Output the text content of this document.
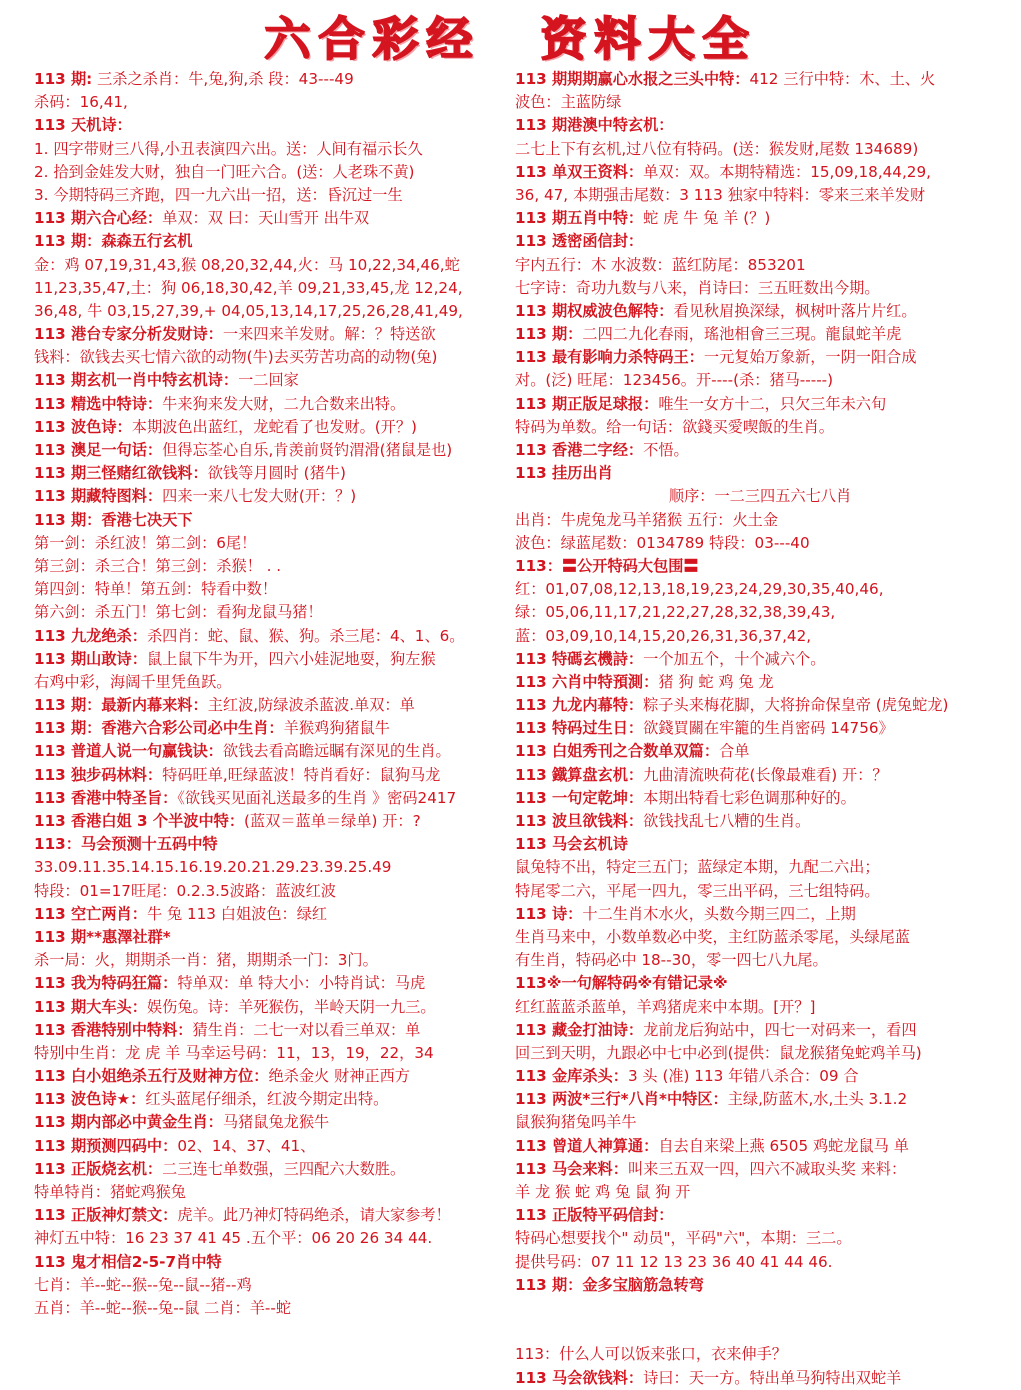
六合彩经 资料大全
113 期: 三杀之杀肖：牛,兔,狗,杀 段：43---49
杀码：16,41,
113 天机诗：
1. 四字带财三八得,小丑表演四六出。送：人间有福示长久
2. 拾到金娃发大财，独自一门旺六合。(送：人老珠不黄)
3. 今期特码三齐跑，四一九六出一招，送：昏沉过一生
113 期六合心经：单双：双 曰：天山雪开 出牛双
113 期：森森五行玄机
金：鸡 07,19,31,43,猴 08,20,32,44,火：马 10,22,34,46,蛇
11,23,35,47,土：狗 06,18,30,42,羊 09,21,33,45,龙 12,24,
36,48, 牛 03,15,27,39,+ 04,05,13,14,17,25,26,28,41,49,
113 港台专家分析发财诗：一来四来羊发财。解：？特送欲
钱料：欲钱去买七情六欲的动物(牛)去买劳苦功高的动物(兔)
113 期玄机一肖中特玄机诗：一二回家
113 精选中特诗：牛来狗来发大财，二九合数来出特。
113 波色诗：本期波色出蓝红，龙蛇看了也发财。(开？)
113 澳足一句话：但得忘荃心自乐,肯羡前贤钓渭滑(猪鼠是也)
113 期三怪赌红欲钱料：欲钱等月圆时 (猪牛)
113 期藏特图料：四来一来八七发大财(开：？)
113 期：香港七决天下
第一剑：杀红波！第二剑：6尾！
第三剑：杀三合！第三剑：杀猴！ . .
第四剑：特单！第五剑：特看中数！
第六剑：杀五门！第七剑：看狗龙鼠马猪！
113 九龙绝杀：杀四肖：蛇、鼠、猴、狗。杀三尾：4、1、6。
113 期山敢诗：鼠上鼠下牛为开，四六小娃泥地耍，狗左猴
右鸡中彩，海阔千里凭鱼跃。
113 期：最新内幕来料：主红波,防绿波杀蓝波.单双：单
113 期：香港六合彩公司必中生肖：羊猴鸡狗猪鼠牛
113 普道人说一句赢钱诀：欲钱去看高瞻远瞩有深见的生肖。
113 独步码林料：特码旺单,旺绿蓝波！特肖看好：鼠狗马龙
113 香港中特圣旨：《欲钱买见面礼送最多的生肖 》密码2417
113 香港白姐 3 个半波中特：(蓝双＝蓝单＝绿单) 开：?
113：马会预测十五码中特
33.09.11.35.14.15.16.19.20.21.29.23.39.25.49
特段：01=17旺尾：0.2.3.5波路：蓝波红波
113 空亡两肖：牛 兔 113 白姐波色：绿红
113 期**惠澤社群*
杀一局：火，期期杀一肖：猪，期期杀一门：3门。
113 我为特码狂篇：特单双：单 特大小：小特肖试：马虎
113 期大车头：娱伤兔。诗：羊死猴伤，半岭天阴一九三。
113 香港特别中特料：猜生肖：二七一对以看三单双：单
特别中生肖：龙 虎 羊 马幸运号码：11，13，19，22，34
113 白小姐绝杀五行及财神方位：绝杀金火 财神正西方
113 波色诗★：红头蓝尾仔细杀，红波今期定出特。
113 期内部必中黄金生肖：马猪鼠兔龙猴牛
113 期预测四码中：02、14、37、41、
113 正版烧玄机：二三连七单数强，三四配六大数胜。
特单特肖：猪蛇鸡猴兔
113 正版神灯禁文：虎羊。此乃神灯特码绝杀，请大家参考！
神灯五中特：16 23 37 41 45 .五个平：06 20 26 34 44.
113 鬼才相信2-5-7肖中特
七肖：羊--蛇--猴--兔--鼠--猪--鸡
五肖：羊--蛇--猴--兔--鼠 二肖：羊--蛇
113 期期期赢心水报之三头中特：412 三行中特：木、土、火
波色：主蓝防绿
113 期港澳中特玄机：
二七上下有玄机,过八位有特码。(送：猴发财,尾数 134689)
113 单双王资料：单双：双。本期特精选：15,09,18,44,29,
36, 47, 本期强击尾数：3 113 独家中特料：零来三来羊发财
113 期五肖中特：蛇 虎 牛 兔 羊 (？)
113 透密函信封：
宇内五行：木 水波数：蓝红防尾：853201
七字诗：奇功九数与八来，肖诗曰：三五旺数出今期。
113 期权威波色解特：看见秋眉换深绿，枫树叶落片片红。
113 期：二四二九化春雨，瑤池相會三三現。龍鼠蛇羊虎
113 最有影响力杀特码王：一元复始万象新，一阴一阳合成
对。(泛) 旺尾：123456。开----(杀：猪马-----)
113 期正版足球报：唯生一女方十二，只欠三年未六旬
特码为单数。给一句话：欲錢买愛喫飯的生肖。
113 香港二字经：不悟。
113 挂历出肖
顺序：一二三四五六七八肖
出肖：牛虎兔龙马羊猪猴 五行：火土金
波色：绿蓝尾数：0134789 特段：03---40
113：〓公开特码大包围〓
红：01,07,08,12,13,18,19,23,24,29,30,35,40,46,
绿：05,06,11,17,21,22,27,28,32,38,39,43,
蓝：03,09,10,14,15,20,26,31,36,37,42,
113 特碼玄機詩：一个加五个，十个减六个。
113 六肖中特預測：猪 狗 蛇 鸡 兔 龙
113 九龙内幕特：粽子头来梅花脚，大将拚命保皇帝 (虎兔蛇龙)
113 特码过生日：欲錢買關在牢籠的生肖密码 14756》
113 白姐秀刊之合数单双篇：合单
113 鐵算盘玄机：九曲清流映荷花(长像最难看) 开：？
113 一句定乾坤：本期出特看七彩色调那种好的。
113 波旦欲钱料：欲钱找乱七八糟的生肖。
113 马会玄机诗
鼠兔特不出，特定三五门；蓝绿定本期，九配二六出；
特尾零二六，平尾一四九，零三出平码，三七组特码。
113 诗：十二生肖木水火，头数今期三四二，上期
生肖马来中，小数单数必中奖，主红防蓝杀零尾，头绿尾蓝
有生肖，特码必中 18--30，零一四七八九尾。
113※一句解特码※有错记录※
红红蓝蓝杀蓝单，羊鸡猪虎来中本期。[开？]
113 藏金打油诗：龙前龙后狗站中，四七一对码来一，看四
回三到天明，九跟必中七中必到(提供：鼠龙猴猪兔蛇鸡羊马)
113 金库杀头：3 头 (准) 113 年错八杀合：09 合
113 两波*三行*八肖*中特区：主绿,防蓝木,水,土头 3.1.2
鼠猴狗猪兔吗羊牛
113 曾道人神算通：自去自来梁上燕 6505 鸡蛇龙鼠马 单
113 马会来料：叫来三五双一四，四六不减取头奖 来料：
羊 龙 猴 蛇 鸡 兔 鼠 狗 开
113 正版特平码信封：
特码心想要找个" 动员"，平码"六"，本期：三二。
提供号码：07 11 12 13 23 36 40 41 44 46.
113 期：金多宝脑筋急转弯
113：什么人可以饭来张口，衣来伸手？
113 马会欲钱料：诗曰：天一方。特出单马狗特出双蛇羊
